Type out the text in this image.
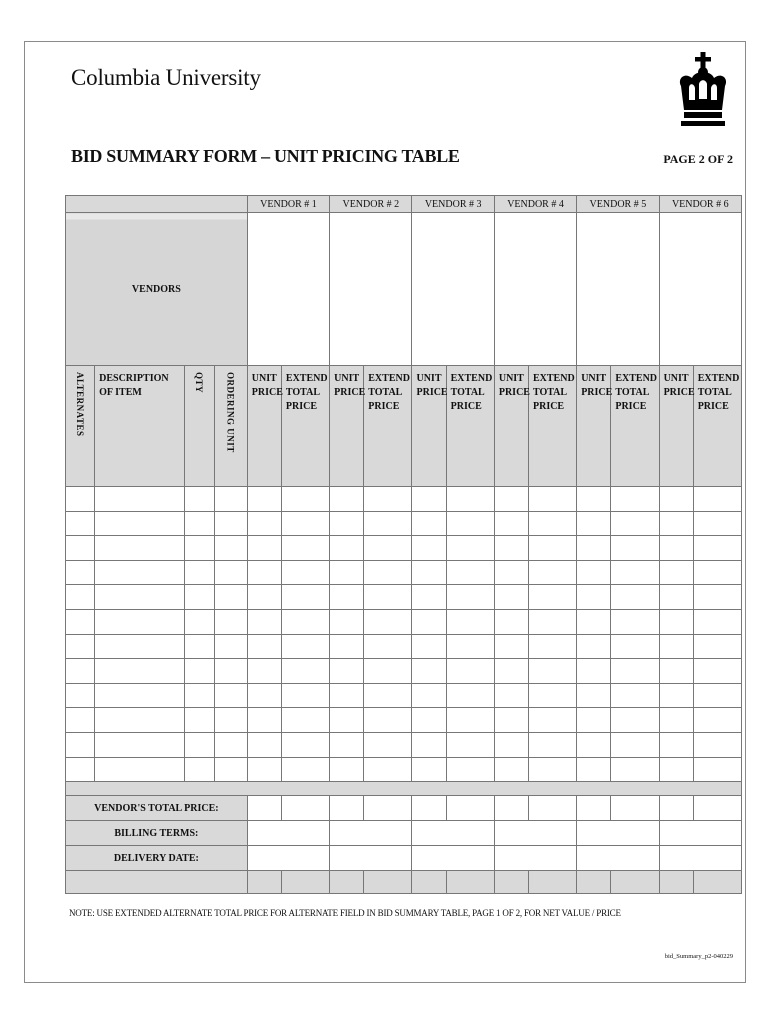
Columbia University
BID SUMMARY FORM – UNIT PRICING TABLE	PAGE 2 OF 2
				VENDOR # 1		VENDOR # 2		VENDOR # 3		VENDOR # 4		VENDOR # 5		VENDOR # 6	
VENDORS															

ALTERNATES	DESCRIPTION OF ITEM	QTY	ORDERING UNIT	UNIT PRICE	EXTEND TOTAL PRICE	UNIT PRICE	EXTEND TOTAL PRICE	UNIT PRICE	EXTEND TOTAL PRICE	UNIT PRICE	EXTEND TOTAL PRICE	UNIT PRICE	EXTEND TOTAL PRICE	UNIT PRICE	EXTEND TOTAL PRICE

VENDOR'S TOTAL PRICE:															
BILLING TERMS:															
DELIVERY DATE:															

NOTE: USE EXTENDED ALTERNATE TOTAL PRICE FOR ALTERNATE FIELD IN BID SUMMARY TABLE, PAGE 1 OF 2, FOR NET VALUE / PRICE
bid_Summary_p2-040229
